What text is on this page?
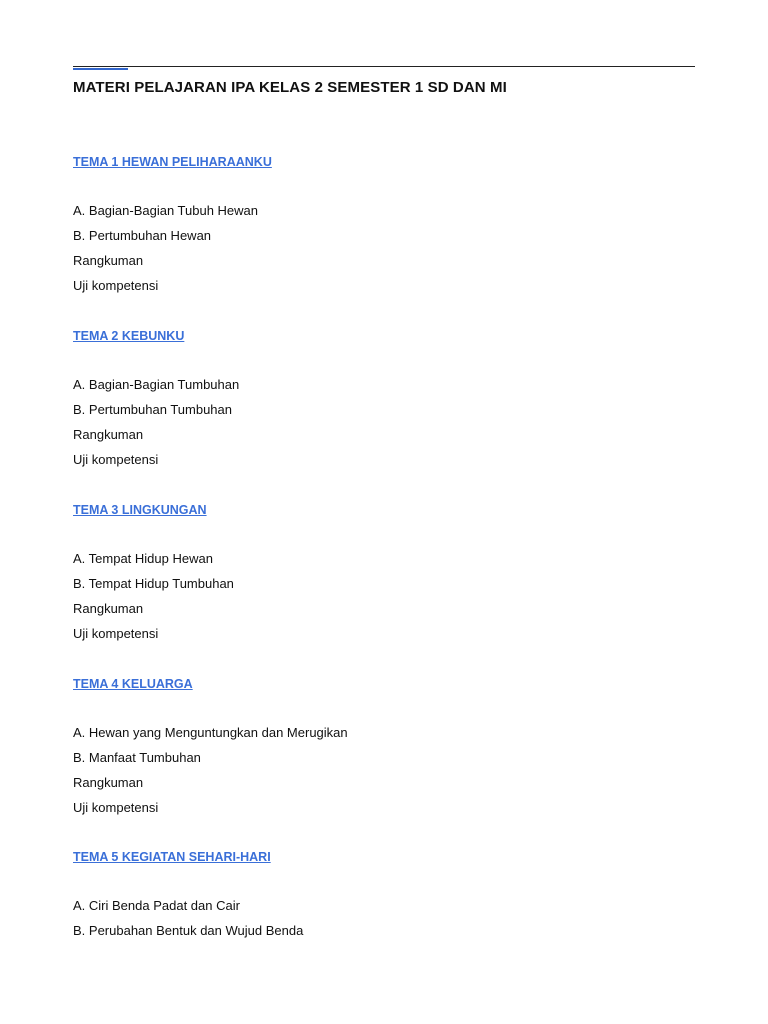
MATERI PELAJARAN IPA KELAS 2 SEMESTER 1 SD DAN MI
TEMA 1 HEWAN PELIHARAANKU
A. Bagian-Bagian Tubuh Hewan
B. Pertumbuhan Hewan
Rangkuman
Uji kompetensi
TEMA 2 KEBUNKU
A. Bagian-Bagian Tumbuhan
B. Pertumbuhan Tumbuhan
Rangkuman
Uji kompetensi
TEMA 3 LINGKUNGAN
A. Tempat Hidup Hewan
B. Tempat Hidup Tumbuhan
Rangkuman
Uji kompetensi
TEMA 4 KELUARGA
A. Hewan yang Menguntungkan dan Merugikan
B. Manfaat Tumbuhan
Rangkuman
Uji kompetensi
TEMA 5 KEGIATAN SEHARI-HARI
A. Ciri Benda Padat dan Cair
B. Perubahan Bentuk dan Wujud Benda
